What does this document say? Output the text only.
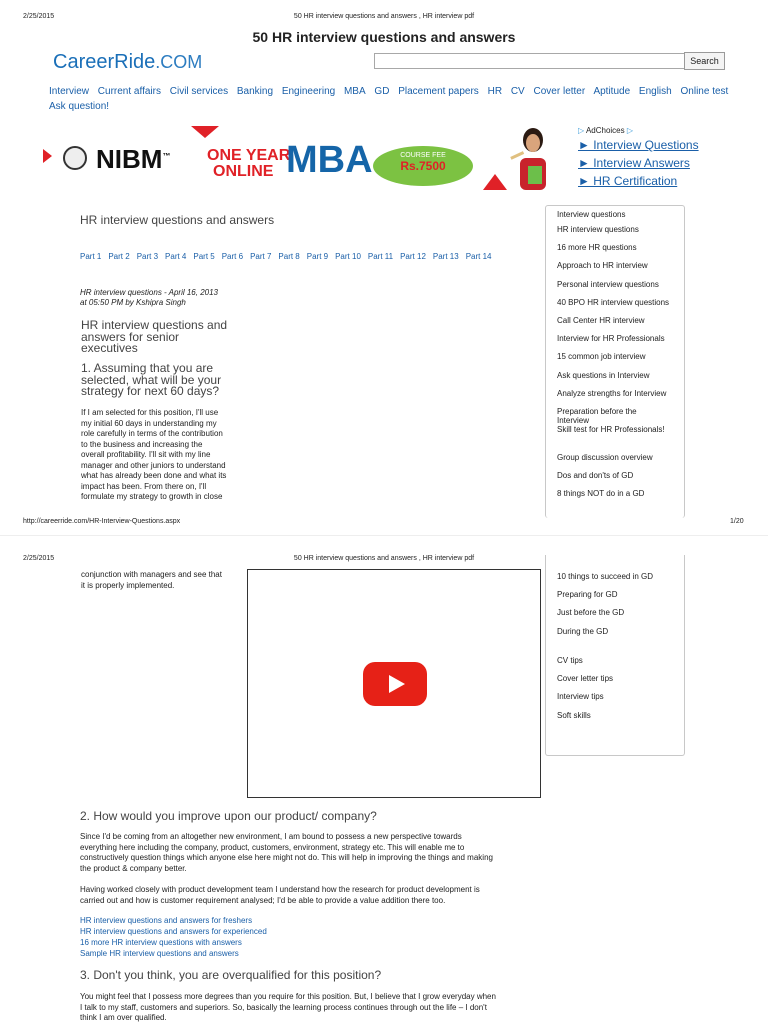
2/25/2015	50 HR interview questions and answers , HR interview pdf
50 HR interview questions and answers
CareerRide.COM	Search
Interview Current affairs Civil services Banking Engineering MBA GD Placement papers HR CV Cover letter Aptitude English Online test Ask question!
NIBM™ ONE YEAR
ONLINE MBA	COURSE FEE
Rs.7500
▷ AdChoices ▷
► Interview Questions
► Interview Answers
► HR Certification
HR interview questions and answers
Part 1 Part 2 Part 3 Part 4 Part 5 Part 6 Part 7 Part 8 Part 9 Part 10 Part 11 Part 12 Part 13 Part 14
HR interview questions - April 16, 2013
at 05:50 PM by Kshipra Singh
HR interview questions and
answers for senior
executives
1. Assuming that you are
selected, what will be your
strategy for next 60 days?
If I am selected for this position, I'll use
my initial 60 days in understanding my
role carefully in terms of the contribution
to the business and increasing the
overall profitability. I'll sit with my line
manager and other juniors to understand
what has already been done and what its
impact has been. From there on, I'll
formulate my strategy to growth in close
Interview questions
HR interview questions
16 more HR questions
Approach to HR interview
Personal interview questions
40 BPO HR interview questions
Call Center HR interview
Interview for HR Professionals
15 common job interview
Ask questions in Interview
Analyze strengths for Interview
Preparation before the
Interview
Skill test for HR Professionals!
Group discussion overview
Dos and don'ts of GD
8 things NOT do in a GD
http://careerride.com/HR-Interview-Questions.aspx	1/20
2/25/2015	50 HR interview questions and answers , HR interview pdf
conjunction with managers and see that
it is properly implemented.
10 things to succeed in GD
Preparing for GD
Just before the GD
During the GD
CV tips
Cover letter tips
Interview tips
Soft skills
2. How would you improve upon our product/ company?
Since I'd be coming from an altogether new environment, I am bound to possess a new perspective towards
everything here including the company, product, customers, environment, strategy etc. This will enable me to
constructively question things which anyone else here might not do. This will help in improving the things and making
the product & company better.
Having worked closely with product development team I understand how the research for product development is
carried out and how is customer requirement analysed; I'd be able to provide a value addition there too.
HR interview questions and answers for freshers
HR interview questions and answers for experienced
16 more HR interview questions with answers
Sample HR interview questions and answers
3. Don't you think, you are overqualified for this position?
You might feel that I possess more degrees than you require for this position. But, I believe that I grow everyday when
I talk to my staff, customers and superiors. So, basically the learning process continues through out the life – I don't
think I am over qualified.
